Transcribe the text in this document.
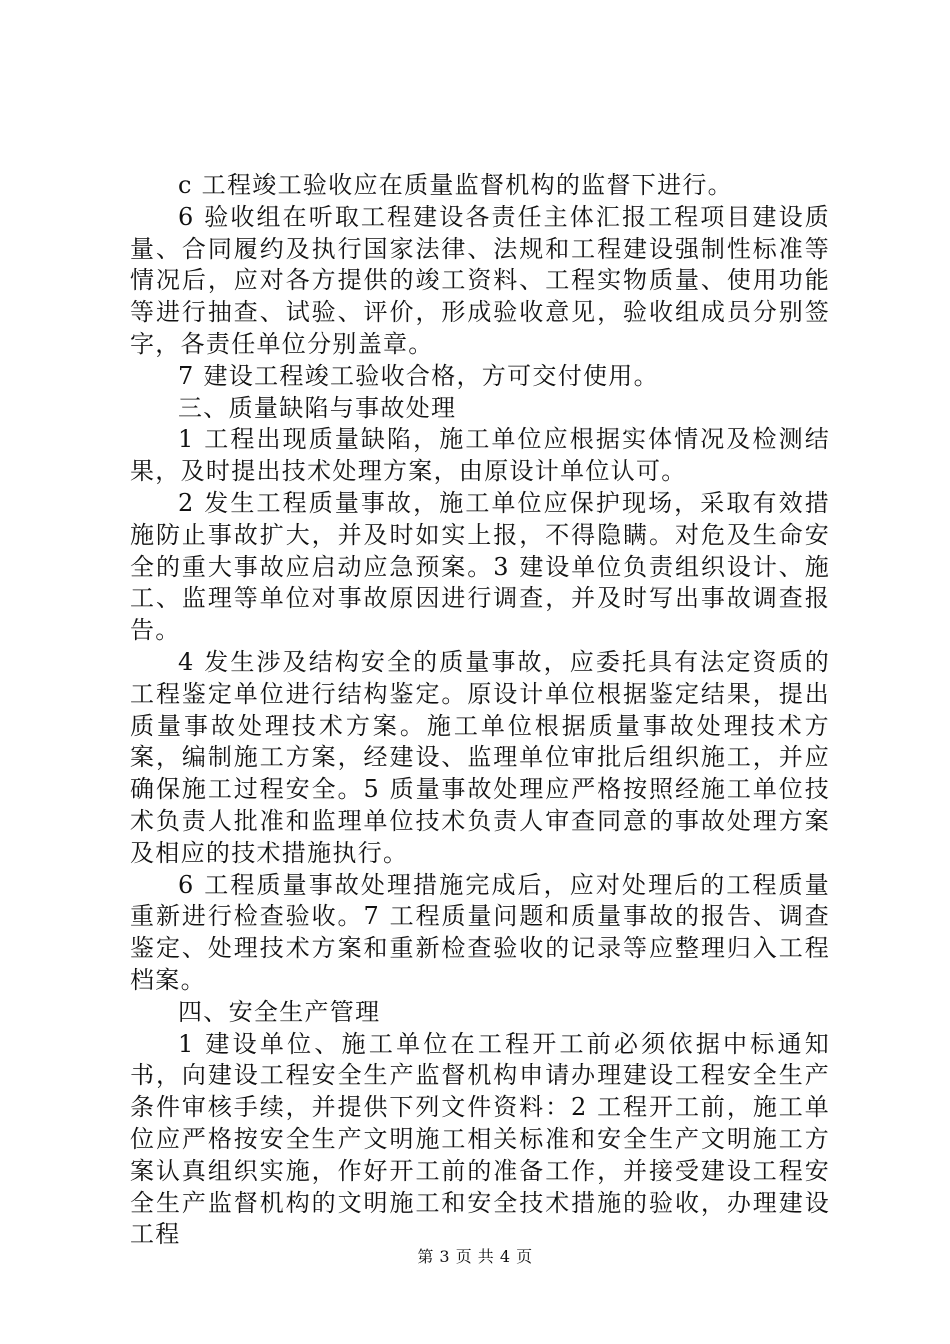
c 工程竣工验收应在质量监督机构的监督下进行。

6 验收组在听取工程建设各责任主体汇报工程项目建设质量、合同履约及执行国家法律、法规和工程建设强制性标准等情况后，应对各方提供的竣工资料、工程实物质量、使用功能等进行抽查、试验、评价，形成验收意见，验收组成员分别签字，各责任单位分别盖章。

7 建设工程竣工验收合格，方可交付使用。

三、质量缺陷与事故处理

1 工程出现质量缺陷，施工单位应根据实体情况及检测结果，及时提出技术处理方案，由原设计单位认可。

2 发生工程质量事故，施工单位应保护现场，采取有效措施防止事故扩大，并及时如实上报，不得隐瞒。对危及生命安全的重大事故应启动应急预案。3 建设单位负责组织设计、施工、监理等单位对事故原因进行调查，并及时写出事故调查报告。

4 发生涉及结构安全的质量事故，应委托具有法定资质的工程鉴定单位进行结构鉴定。原设计单位根据鉴定结果，提出质量事故处理技术方案。施工单位根据质量事故处理技术方案，编制施工方案，经建设、监理单位审批后组织施工，并应确保施工过程安全。5 质量事故处理应严格按照经施工单位技术负责人批准和监理单位技术负责人审查同意的事故处理方案及相应的技术措施执行。

6 工程质量事故处理措施完成后，应对处理后的工程质量重新进行检查验收。7 工程质量问题和质量事故的报告、调查鉴定、处理技术方案和重新检查验收的记录等应整理归入工程档案。

四、安全生产管理

1 建设单位、施工单位在工程开工前必须依据中标通知书，向建设工程安全生产监督机构申请办理建设工程安全生产条件审核手续，并提供下列文件资料：2 工程开工前，施工单位应严格按安全生产文明施工相关标准和安全生产文明施工方案认真组织实施，作好开工前的准备工作，并接受建设工程安全生产监督机构的文明施工和安全技术措施的验收，办理建设工程

第 3 页 共 4 页
